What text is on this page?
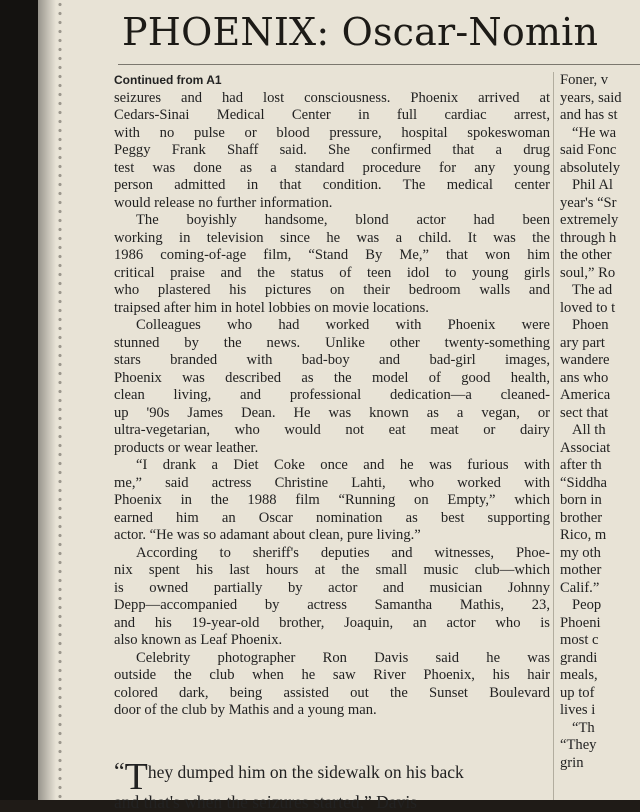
PHOENIX: Oscar-Nomin
Continued from A1
seizures and had lost consciousness. Phoenix arrived at
Cedars-Sinai Medical Center in full cardiac arrest,
with no pulse or blood pressure, hospital spokeswoman
Peggy Frank Shaff said. She confirmed that a drug
test was done as a standard procedure for any young
person admitted in that condition. The medical center
would release no further information.
The boyishly handsome, blond actor had been
working in television since he was a child. It was the
1986 coming-of-age film, “Stand By Me,” that won him
critical praise and the status of teen idol to young girls
who plastered his pictures on their bedroom walls and
traipsed after him in hotel lobbies on movie locations.
Colleagues who had worked with Phoenix were
stunned by the news. Unlike other twenty-something
stars branded with bad-boy and bad-girl images,
Phoenix was described as the model of good health,
clean living, and professional dedication—a cleaned-
up '90s James Dean. He was known as a vegan, or
ultra-vegetarian, who would not eat meat or dairy
products or wear leather.
“I drank a Diet Coke once and he was furious with
me,” said actress Christine Lahti, who worked with
Phoenix in the 1988 film “Running on Empty,” which
earned him an Oscar nomination as best supporting
actor. “He was so adamant about clean, pure living.”
According to sheriff's deputies and witnesses, Phoe-
nix spent his last hours at the small music club—which
is owned partially by actor and musician Johnny
Depp—accompanied by actress Samantha Mathis, 23,
and his 19-year-old brother, Joaquin, an actor who is
also known as Leaf Phoenix.
Celebrity photographer Ron Davis said he was
outside the club when he saw River Phoenix, his hair
colored dark, being assisted out the Sunset Boulevard
door of the club by Mathis and a young man.
Foner, v
years, said
and has st
“He wa
said Fonc
absolutely
Phil Al
year's “Sr
extremely
through h
the other
soul,” Ro
The ad
loved to t
Phoen
ary part
wandere
ans who
America
sect that
All th
Associat
after th
“Siddha
born in
brother
Rico, m
my oth
mother
Calif.”
Peop
Phoeni
most c
grandi
meals,
up tof
lives i
“Th
“They
grin
“They dumped him on the sidewalk on his back
and that's when the seizures started,” Davis
